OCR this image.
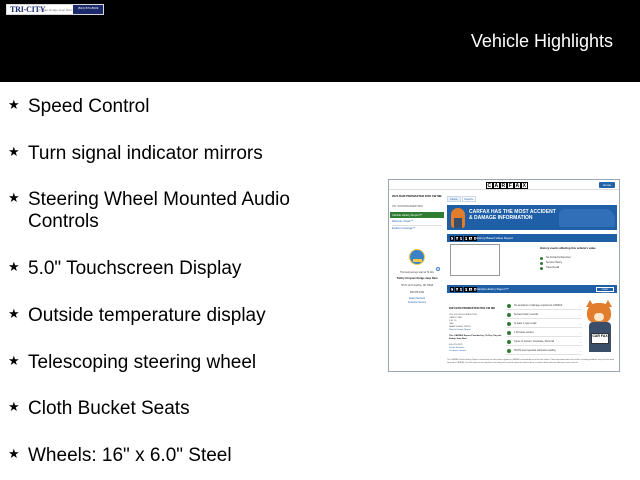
TRI-CITY
Chrysler Dodge Jeep Ram
(844) 874-8049
Vehicle Highlights
★ Speed Control
★ Turn signal indicator mirrors
★ Steering Wheel Mounted Audio Controls
★ 5.0" Touchscreen Display
★ Outside temperature display
★ Telescoping steering wheel
★ Cloth Bucket Seats
★ Wheels: 16" x 6.0" Steel
C A R F A X	Home
2021 RAM PROMASTER 2500 CW MB
VIN: 3C6LRVDG4ME572992
Vehicle History Report™
Warranty Check™
Explore Coverage™
The best journeys start at Tri-City
TriCity Chrysler Dodge Jeep Ram
715 N 1st St Guthrie, OK 73044
405-975-3321
Dealer Reviews
Customer Service
Home	Reports
CARFAX HAS THE MOST ACCIDENT & DAMAGE INFORMATION
C A R F A X History-Based Value Report
History events affecting this vehicle's value
No Accidents Reported
Service History
Open Recall
C A R F A X Vehicle History Report™	PRINT REPORT
2021 RAM PROMASTER 2500 CW MB
VIN: 3C6LRVDG4ME572992
CARGO VAN
3.6L V6
GAS
REAR WHEEL DRIVE
Vehicle History Report
This CARFAX Report Provided by: TriCity Chrysler Dodge Jeep Ram
405-975-3321
Dealer Reviews
Customer Service
No accidents or damage reported to CARFAX	›
Service history records	›
At least 1 open recall	›
1 Previous owners	›
Types of owners: Corporate, Personal	›
35,872 Last reported odometer reading	›
CAR FAX
This CARFAX Vehicle History Report is based only on information supplied to CARFAX and available as of the date shown. Other information about this vehicle, including problems, may not have been reported to CARFAX. Use this report as one important tool, along with a vehicle inspection and test drive, to make a better decision about your next used car.
